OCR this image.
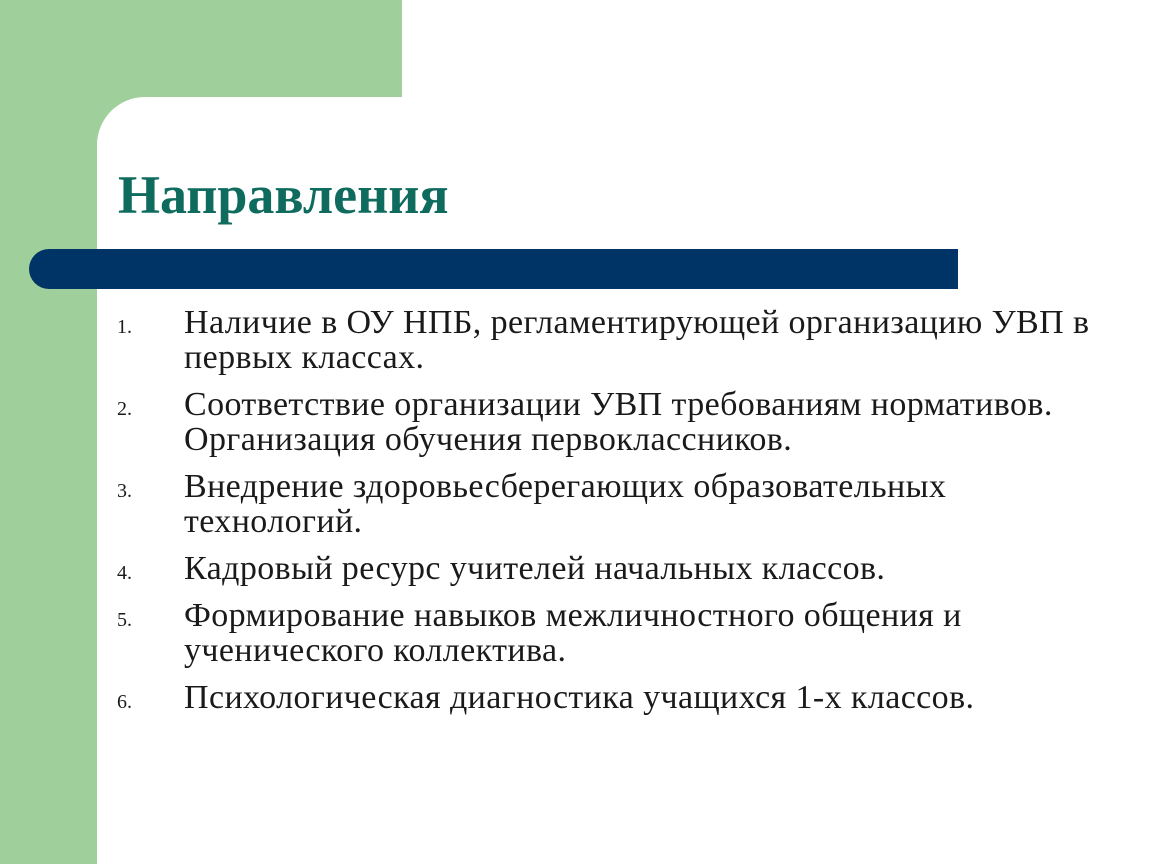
Направления
1. Наличие в ОУ НПБ, регламентирующей организацию УВП в первых классах.
2. Соответствие организации УВП требованиям нормативов. Организация обучения первоклассников.
3. Внедрение здоровьесберегающих образовательных технологий.
4. Кадровый ресурс учителей начальных классов.
5. Формирование навыков межличностного общения и ученического коллектива.
6. Психологическая диагностика учащихся 1-х классов.
